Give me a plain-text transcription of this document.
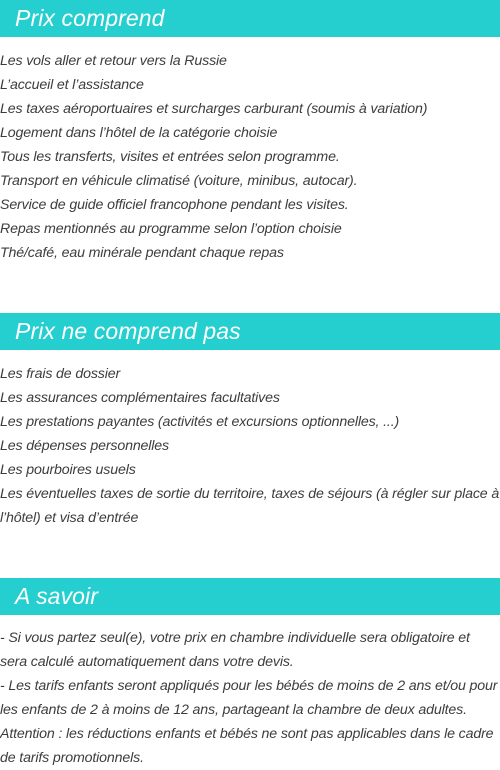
Prix comprend
Les vols aller et retour vers la Russie
L’accueil et l’assistance
Les taxes aéroportuaires et surcharges carburant (soumis à variation)
Logement dans l’hôtel de la catégorie choisie
Tous les transferts, visites et entrées selon programme.
Transport en véhicule climatisé (voiture, minibus, autocar).
Service de guide officiel francophone pendant les visites.
Repas mentionnés au programme selon l’option choisie
Thé/café, eau minérale pendant chaque repas
Prix ne comprend pas
Les frais de dossier
Les assurances complémentaires facultatives
Les prestations payantes (activités et excursions optionnelles, ...)
Les dépenses personnelles
Les pourboires usuels

Les éventuelles taxes de sortie du territoire, taxes de séjours (à régler sur place à l’hôtel) et visa d’entrée

A savoir

- Si vous partez seul(e), votre prix en chambre individuelle sera obligatoire et sera calculé automatiquement dans votre devis.

- Les tarifs enfants seront appliqués pour les bébés de moins de 2 ans et/ou pour les enfants de 2 à moins de 12 ans, partageant la chambre de deux adultes.

Attention : les réductions enfants et bébés ne sont pas applicables dans le cadre de tarifs promotionnels.
